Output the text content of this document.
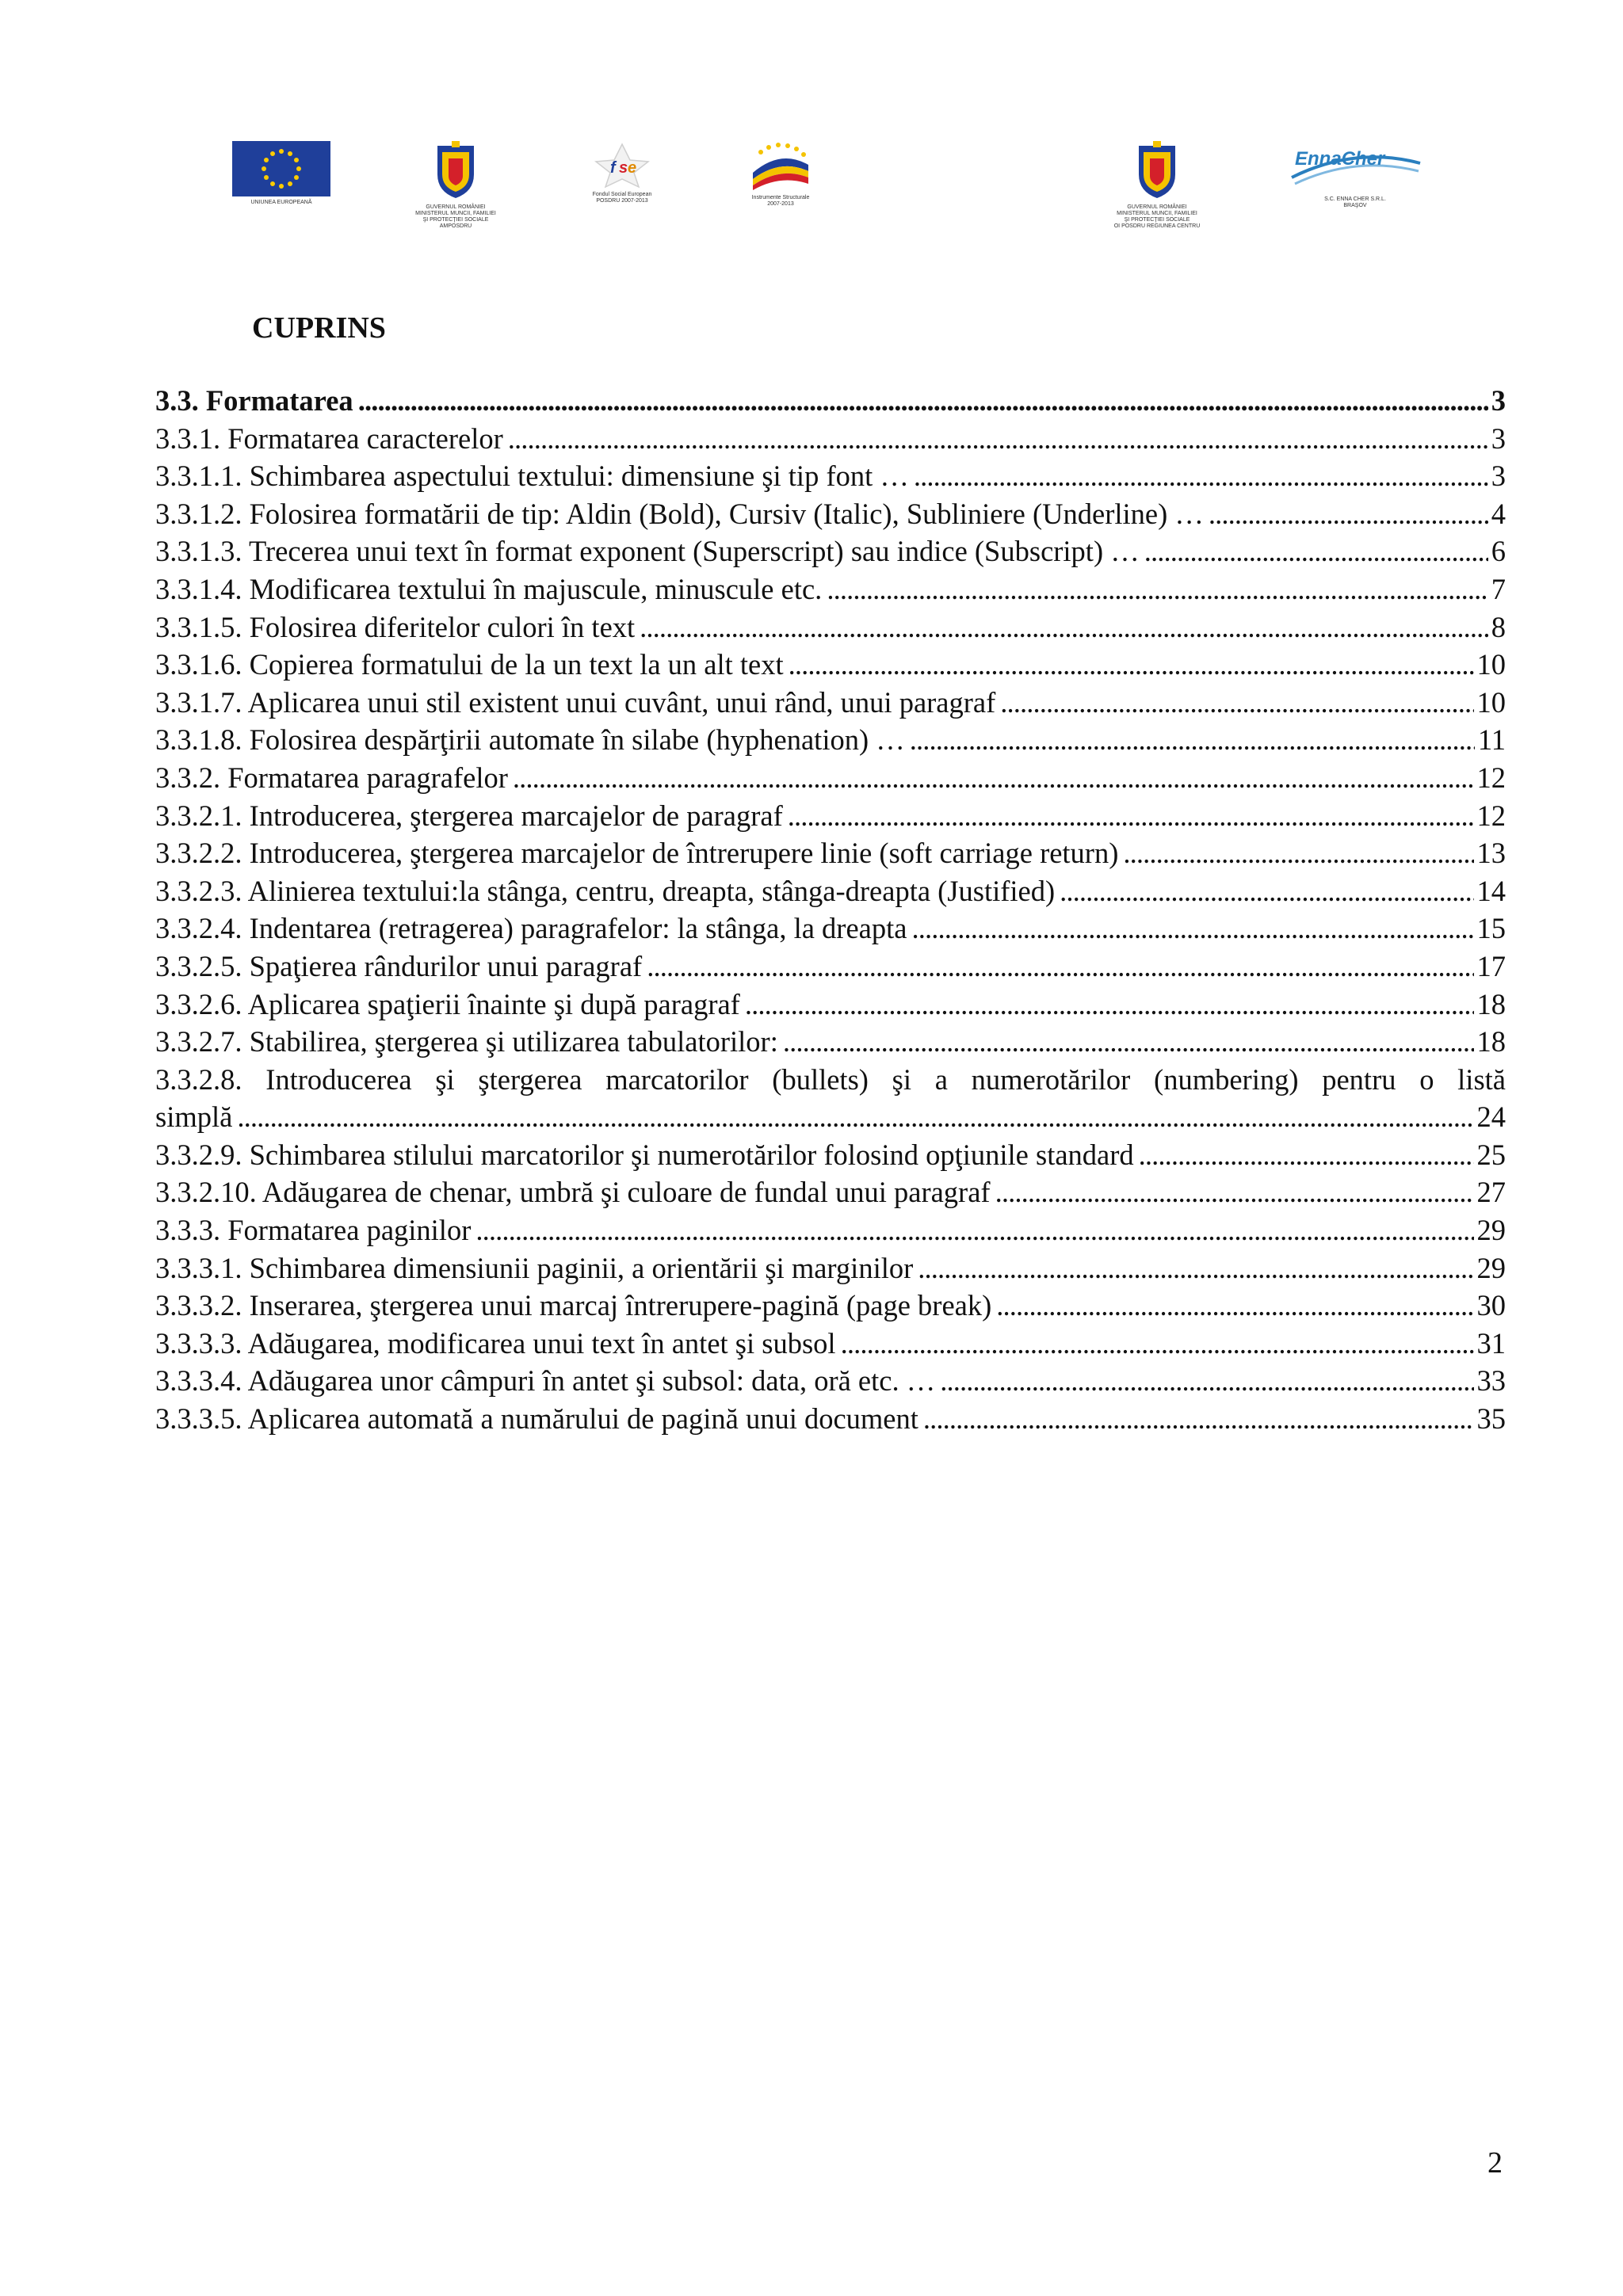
UNIUNEA EUROPEANĂ
GUVERNUL ROMÂNIEI
MINISTERUL MUNCII, FAMILIEI
ŞI PROTECŢIEI SOCIALE
AMPOSDRU
f s e
Fondul Social European
POSDRU 2007-2013
Instrumente Structurale
2007-2013
GUVERNUL ROMÂNIEI
MINISTERUL MUNCII, FAMILIEI
ŞI PROTECŢIEI SOCIALE
OI POSDRU REGIUNEA CENTRU
EnnaCher
S.C. ENNA CHER S.R.L.
BRAŞOV
CUPRINS
3.3. Formatarea . . .	3
3.3.1. Formatarea caracterelor . . .	3
3.3.1.1. Schimbarea aspectului textului: dimensiune şi tip font … . . .	3
3.3.1.2. Folosirea formatării de tip: Aldin (Bold), Cursiv (Italic), Subliniere (Underline) … . . .	4
3.3.1.3. Trecerea unui text în format exponent (Superscript) sau indice (Subscript) … . . .	6
3.3.1.4. Modificarea textului în majuscule, minuscule etc. . . .	7
3.3.1.5. Folosirea diferitelor culori în text . . .	8
3.3.1.6. Copierea formatului de la un text la un alt text . . .	10
3.3.1.7. Aplicarea unui stil existent unui cuvânt, unui rând, unui paragraf . . .	10
3.3.1.8. Folosirea despărţirii automate în silabe (hyphenation) … . . .	11
3.3.2. Formatarea paragrafelor . . .	12
3.3.2.1. Introducerea, ştergerea marcajelor de paragraf . . .	12
3.3.2.2. Introducerea, ştergerea marcajelor de întrerupere linie (soft carriage return) . . .	13
3.3.2.3. Alinierea textului:la stânga, centru, dreapta, stânga-dreapta (Justified) . . .	14
3.3.2.4. Indentarea (retragerea) paragrafelor: la stânga, la dreapta . . .	15
3.3.2.5. Spaţierea rândurilor unui paragraf . . .	17
3.3.2.6. Aplicarea spaţierii înainte şi după paragraf . . .	18
3.3.2.7. Stabilirea, ştergerea şi utilizarea tabulatorilor: . . .	18
3.3.2.8. Introducerea şi ştergerea marcatorilor (bullets) şi a numerotărilor (numbering) pentru o listă
simplă . . .	24
3.3.2.9. Schimbarea stilului marcatorilor şi numerotărilor folosind opţiunile standard . . .	25
3.3.2.10. Adăugarea de chenar, umbră şi culoare de fundal unui paragraf . . .	27
3.3.3. Formatarea paginilor . . .	29
3.3.3.1. Schimbarea dimensiunii paginii, a orientării şi marginilor . . .	29
3.3.3.2. Inserarea, ştergerea unui marcaj întrerupere-pagină (page break) . . .	30
3.3.3.3. Adăugarea, modificarea unui text în antet şi subsol . . .	31
3.3.3.4. Adăugarea unor câmpuri în antet şi subsol: data, oră etc. … . . .	33
3.3.3.5. Aplicarea automată a numărului de pagină unui document . . .	35
2
